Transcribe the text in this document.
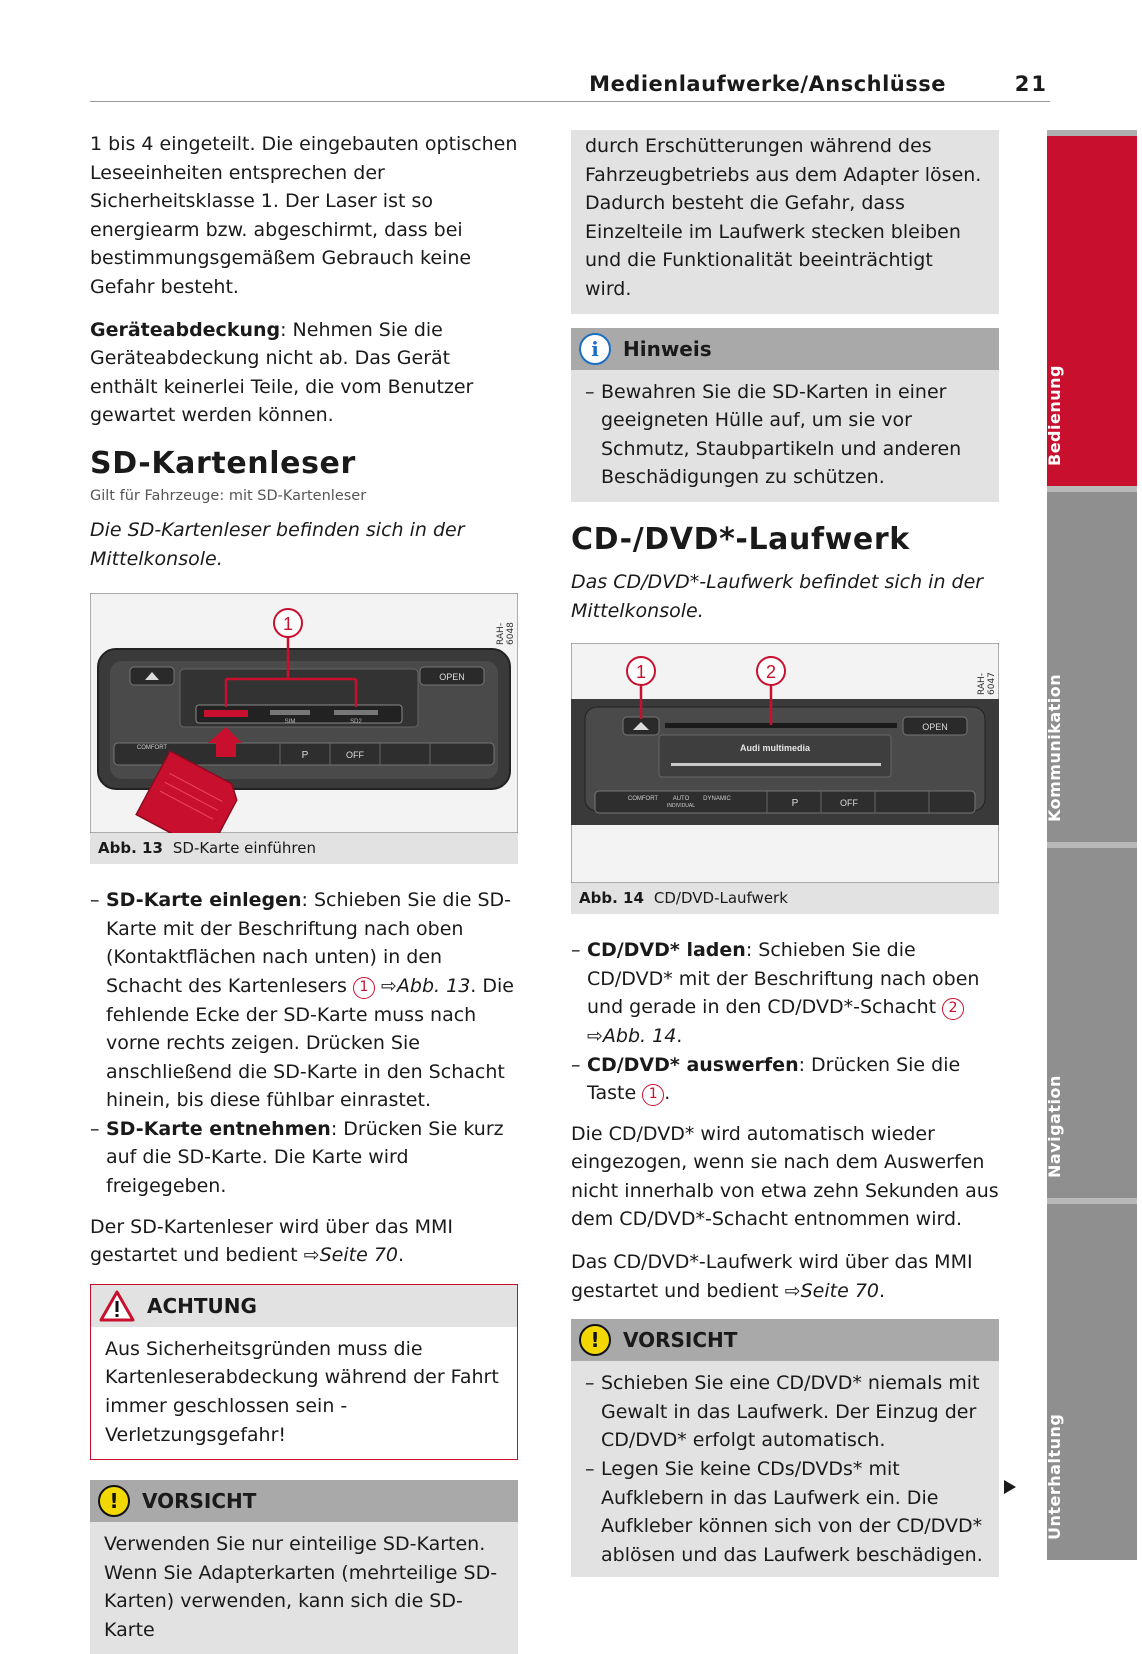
Medienlaufwerke/Anschlüsse	21

1 bis 4 eingeteilt. Die eingebauten optischen Leseeinheiten entsprechen der Sicherheitsklasse 1. Der Laser ist so energiearm bzw. abgeschirmt, dass bei bestimmungsgemäßem Gebrauch keine Gefahr besteht.

Geräteabdeckung: Nehmen Sie die Geräteabdeckung nicht ab. Das Gerät enthält keinerlei Teile, die vom Benutzer gewartet werden können.

SD-Kartenleser
Gilt für Fahrzeuge: mit SD-Kartenleser

Die SD-Kartenleser befinden sich in der Mittelkonsole.

OPEN
SIM	SD2
COMFORT
P	OFF
1	RAH-6048
Abb. 13 SD-Karte einführen
– SD-Karte einlegen: Schieben Sie die SD-Karte mit der Beschriftung nach oben (Kontaktflächen nach unten) in den Schacht des Kartenlesers 1 ⇨Abb. 13. Die fehlende Ecke der SD-Karte muss nach vorne rechts zeigen. Drücken Sie anschließend die SD-Karte in den Schacht hinein, bis diese fühlbar einrastet.
– SD-Karte entnehmen: Drücken Sie kurz auf die SD-Karte. Die Karte wird freigegeben.

Der SD-Kartenleser wird über das MMI gestartet und bedient ⇨Seite 70.

ACHTUNG

Aus Sicherheitsgründen muss die Kartenleserabdeckung während der Fahrt immer geschlossen sein - Verletzungsgefahr!

!	VORSICHT

Verwenden Sie nur einteilige SD-Karten. Wenn Sie Adapterkarten (mehrteilige SD-Karten) verwenden, kann sich die SD-Karte

durch Erschütterungen während des Fahrzeugbetriebs aus dem Adapter lösen. Dadurch besteht die Gefahr, dass Einzelteile im Laufwerk stecken bleiben und die Funktionalität beeinträchtigt wird.

i	Hinweis
– Bewahren Sie die SD-Karten in einer geeigneten Hülle auf, um sie vor Schmutz, Staubpartikeln und anderen Beschädigungen zu schützen.
CD-/DVD*-Laufwerk

Das CD/DVD*-Laufwerk befindet sich in der Mittelkonsole.

OPEN
Audi multimedia
COMFORT AUTO
INDIVIDUAL
DYNAMIC	P	OFF
1	2
RAH-6047
Abb. 14 CD/DVD-Laufwerk
– CD/DVD* laden: Schieben Sie die CD/DVD* mit der Beschriftung nach oben und gerade in den CD/DVD*-Schacht 2 ⇨Abb. 14.
– CD/DVD* auswerfen: Drücken Sie die Taste 1 .

Die CD/DVD* wird automatisch wieder eingezogen, wenn sie nach dem Auswerfen nicht innerhalb von etwa zehn Sekunden aus dem CD/DVD*-Schacht entnommen wird.

Das CD/DVD*-Laufwerk wird über das MMI gestartet und bedient ⇨Seite 70.

!	VORSICHT
– Schieben Sie eine CD/DVD* niemals mit Gewalt in das Laufwerk. Der Einzug der CD/DVD* erfolgt automatisch.
– Legen Sie keine CDs/DVDs* mit Aufklebern in das Laufwerk ein. Die Aufkleber können sich von der CD/DVD* ablösen und das Laufwerk beschädigen.
Bedienung
Kommunikation
Navigation
Unterhaltung
